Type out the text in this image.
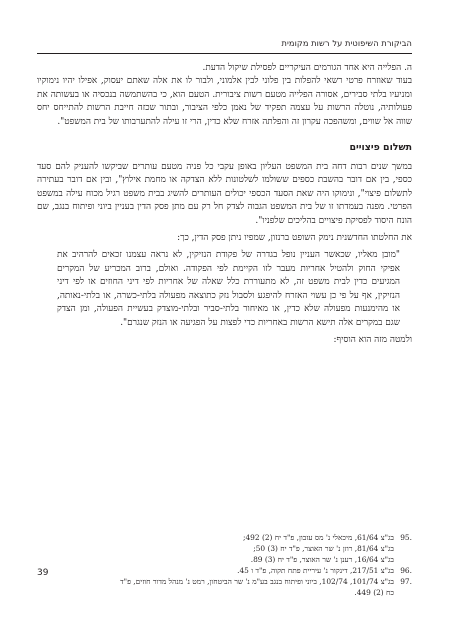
הביקורת השיפוטית על רשות מקומית

ה. הפלייה היא אחד הגורמים העיקריים לפסילת שיקול הדעת.

בעוד שאוזרח פרטי רשאי להפלות בין פלוני לבין אלמוני, ולבור לו את אלה שאתם יעסוק, אפילו יהיו נימוקיו ומניעיו בלתי סבירים, אסורה הפלייה מטעם רשות ציבורית. הטעם הוא, כי בהשתמשה בנכסיה או בעשותה את פעולותיה, נוטלה הרשות על עצמה תפקיד של נאמן כלפי הציבור, ובתור שכזה חייבת הרשות להתייחס יחס שווה אל שווים, ומשהפכה עקרון זה והפלתה אזרח שלא כדין, הרי זו עילה להתערבותו של בית המשפט".

תשלום פיצויים

במשך שנים רבות דחה בית המשפט העליון באופן עקבי כל פניה מטעם עותרים שביקשו להעניק להם סעד כספי, בין אם דובר בהשבת כספים ששולמו לשלטונות ללא הצדקה או מחמת אילוץ", ובין אם דובר בעתירה לתשלום פיצוי", ונימוקו היה שאת הסעד הכספי יכולים העותרים להשיג בבית משפט רגיל מכוח עילה במשפט הפרטי. מפנה בעמדתו זו של בית המשפט הגבוה לצדק חל רק עם מתן פסק הדין בעניין ביוני ופיתוח בנגב, שם הונח היסוד לפסיקת פיצויים בהליכים שלפניו".

את החלטתו החדשנית נימק השופט ברנזון, שמפיו ניתן פסק הדין, כך:

"מובן מאליו, שכאשר העניין נופל בגדרה של פקודת הנזיקין, לא נראה עצמנו זכאים להרהיב את אפיקי החוק ולהטיל אחריות מעבר לזו הקיימת לפי הפקודה. ואולם, ברוב המכריע של המקרים המגיעים כדין לבית משפט זה, לא מתעוררת כלל שאלה של אחריות לפי דיני החוזים או לפי דיני הנזיקין, אף על פי כן עשוי האזרח להיפגע ולסבול נזק כתוצאה מפעולה בלתי-כשרה, או בלתי-נאותה, או מהימנעות מפעולה שלא כדין, או מאיחור בלתי-סביר ובלתי-מוצדק בעשיית הפעולה, ומן הצדק שגם במקרים אלה תישא הרשות באחריות כדי לפצות על הפגיעה או הנזק שנגרם".

ולמטה מזה הוא הוסיף:

.95
בג"צ 61/64, מיכאלי נ' מס עזבון, פ"ד יח (2) 492;

בג"צ 81/64, רוזן נ' שר האוצר, פ"ד יח (3) 50;

בג"צ 16/64, רענן נ' שר האוצר, פ"ד יח (3) 89.

.96
בג"צ 217/51, דינקור נ' עיריית פתח תקוה, פ"ד ו 45.
.97
בג"צ 101/74, 102/74, ביוני ופיתוח בנגב בע"מ נ' שר הביטחון, רמט נ' מנהל מדור חוזים, פ"ד

כח (2) 449.

39
